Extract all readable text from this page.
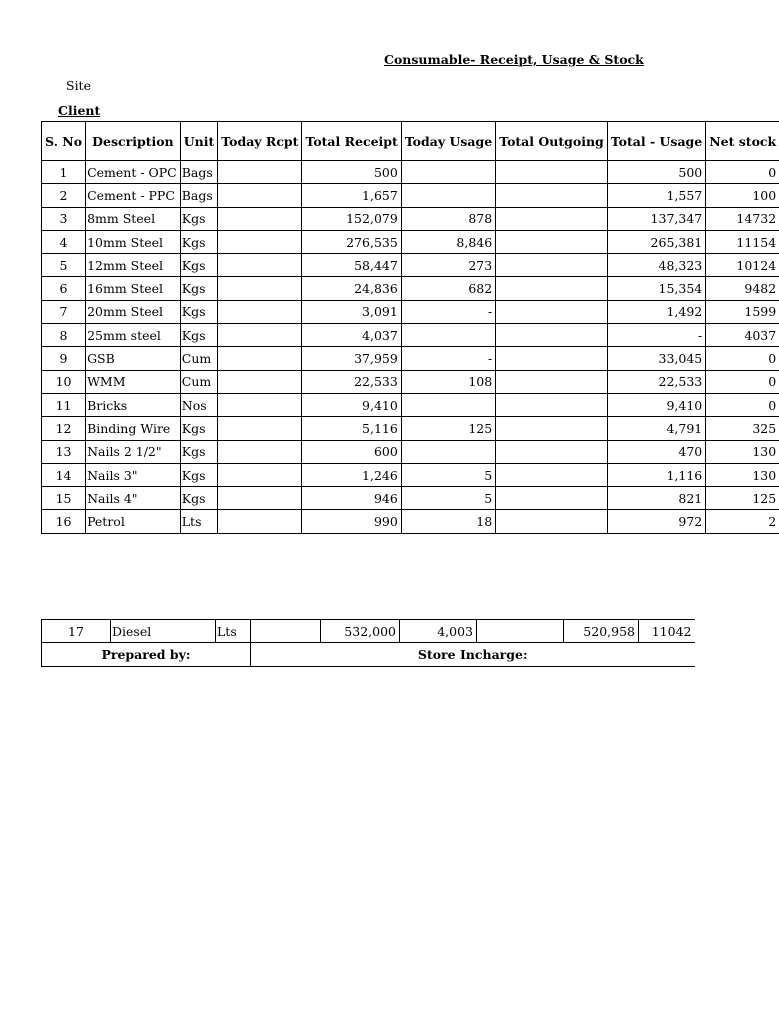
Consumable- Receipt, Usage & Stock
Site
Client
S. No	Description	Unit	Today Rcpt	Total Receipt	Today Usage	Total Outgoing	Total - Usage	Net stock
1	Cement - OPC	Bags		500			500	0
2	Cement - PPC	Bags		1,657			1,557	100
3	8mm Steel	Kgs		152,079	878		137,347	14732
4	10mm Steel	Kgs		276,535	8,846		265,381	11154
5	12mm Steel	Kgs		58,447	273		48,323	10124
6	16mm Steel	Kgs		24,836	682		15,354	9482
7	20mm Steel	Kgs		3,091	-		1,492	1599
8	25mm steel	Kgs		4,037			-	4037
9	GSB	Cum		37,959	-		33,045	0
10	WMM	Cum		22,533	108		22,533	0
11	Bricks	Nos		9,410			9,410	0
12	Binding Wire	Kgs		5,116	125		4,791	325
13	Nails 2 1/2"	Kgs		600			470	130
14	Nails 3"	Kgs		1,246	5		1,116	130
15	Nails 4"	Kgs		946	5		821	125
16	Petrol	Lts		990	18		972	2
17	Diesel	Lts		532,000	4,003		520,958	11042
Prepared by:			Store Incharge:					
